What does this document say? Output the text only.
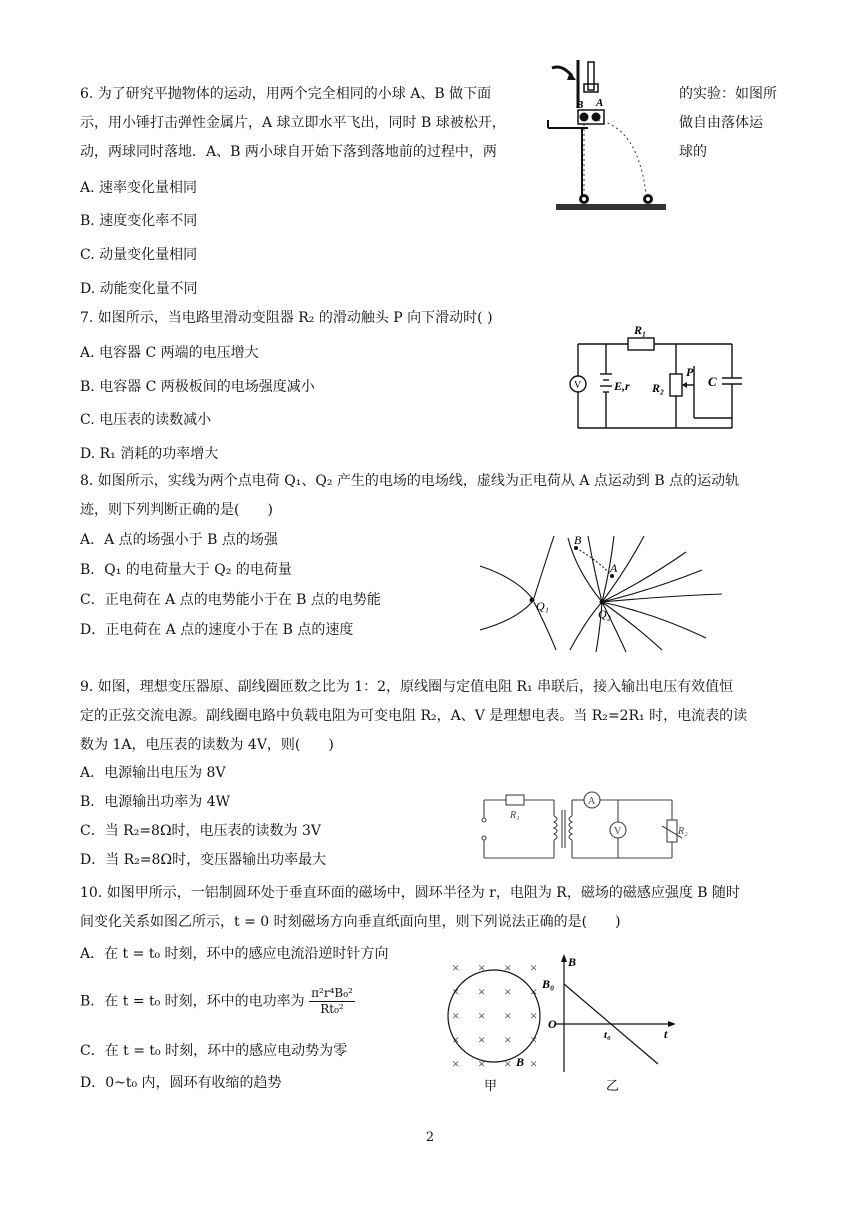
6. 为了研究平抛物体的运动，用两个完全相同的小球 A、B 做下面	的实验：如图所
示，用小锤打击弹性金属片，A 球立即水平飞出，同时 B 球被松开，	做自由落体运
动，两球同时落地．A、B 两小球自开始下落到落地前的过程中，两	球的
A. 速率变化量相同
B. 速度变化率不同
C. 动量变化量相同
D. 动能变化量不同
B A
7. 如图所示，当电路里滑动变阻器 R₂ 的滑动触头 P 向下滑动时( )
A. 电容器 C 两端的电压增大
B. 电容器 C 两极板间的电场强度减小
C. 电压表的读数减小
D. R₁ 消耗的功率增大
V
R₁
E,r R₂
P
C
8. 如图所示，实线为两个点电荷 Q₁、Q₂ 产生的电场的电场线，虚线为正电荷从 A 点运动到 B 点的运动轨
迹，则下列判断正确的是(　　)
A．A 点的场强小于 B 点的场强
B．Q₁ 的电荷量大于 Q₂ 的电荷量
C．正电荷在 A 点的电势能小于在 B 点的电势能
D．正电荷在 A 点的速度小于在 B 点的速度
B
A
Q₁
Q₂
9. 如图，理想变压器原、副线圈匝数之比为 1：2，原线圈与定值电阻 R₁ 串联后，接入输出电压有效值恒
定的正弦交流电源。副线圈电路中负载电阻为可变电阻 R₂，A、V 是理想电表。当 R₂=2R₁ 时，电流表的读
数为 1A，电压表的读数为 4V，则(　　)
A．电源输出电压为 8V
B．电源输出功率为 4W
C．当 R₂=8Ω时，电压表的读数为 3V
D．当 R₂=8Ω时，变压器输出功率最大
R₁
A
V	R₂
10. 如图甲所示，一铝制圆环处于垂直环面的磁场中，圆环半径为 r，电阻为 R，磁场的磁感应强度 B 随时
间变化关系如图乙所示，t = 0 时刻磁场方向垂直纸面向里，则下列说法正确的是(　　)
A．在 t = t₀ 时刻，环中的感应电流沿逆时针方向
B．在 t = t₀ 时刻，环中的电功率为 $\frac{\text{π²r⁴B₀²}}{\text{Rt₀²}}$
C．在 t = t₀ 时刻，环中的感应电动势为零
D．0~t₀ 内，圆环有收缩的趋势
× × × ×
× × × ×
× × × ×
× × × ×
× × × ×
B
甲
B
B₀
O
t₀	t
乙
2
